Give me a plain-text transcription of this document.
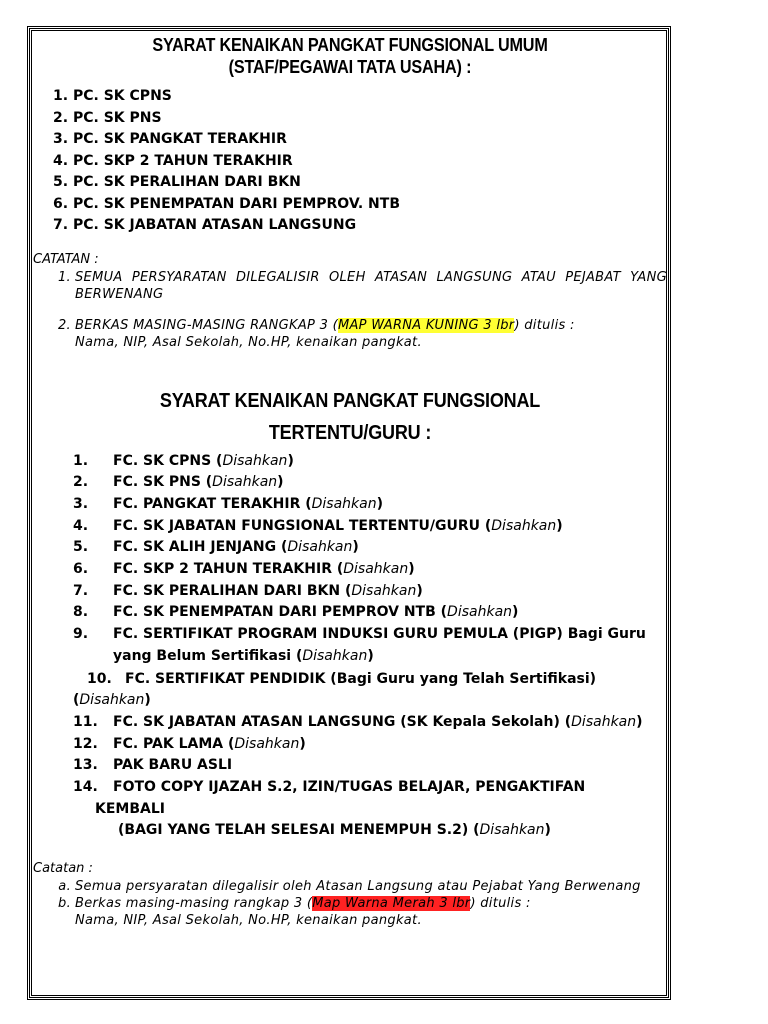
SYARAT KENAIKAN PANGKAT FUNGSIONAL UMUM
(STAF/PEGAWAI TATA USAHA) :
1. PC. SK CPNS
2. PC. SK PNS
3. PC. SK PANGKAT TERAKHIR
4. PC. SKP 2 TAHUN TERAKHIR
5. PC. SK PERALIHAN DARI BKN
6. PC. SK PENEMPATAN DARI PEMPROV. NTB
7. PC. SK JABATAN ATASAN LANGSUNG
CATATAN :
1. SEMUA PERSYARATAN DILEGALISIR OLEH ATASAN LANGSUNG ATAU PEJABAT YANG BERWENANG
2. BERKAS MASING-MASING RANGKAP 3 (MAP WARNA KUNING 3 lbr) ditulis :
Nama, NIP, Asal Sekolah, No.HP, kenaikan pangkat.
SYARAT KENAIKAN PANGKAT FUNGSIONAL
TERTENTU/GURU :
1.	FC. SK CPNS (Disahkan)
2.	FC. SK PNS (Disahkan)
3.	FC. PANGKAT TERAKHIR (Disahkan)
4.	FC. SK JABATAN FUNGSIONAL TERTENTU/GURU (Disahkan)
5.	FC. SK ALIH JENJANG (Disahkan)
6.	FC. SKP 2 TAHUN TERAKHIR (Disahkan)
7.	FC. SK PERALIHAN DARI BKN (Disahkan)
8.	FC. SK PENEMPATAN DARI PEMPROV NTB (Disahkan)
9.	FC. SERTIFIKAT PROGRAM INDUKSI GURU PEMULA (PIGP) Bagi Guru
yang Belum Sertifikasi (Disahkan)
10. FC. SERTIFIKAT PENDIDIK (Bagi Guru yang Telah Sertifikasi)
(Disahkan)
11.	FC. SK JABATAN ATASAN LANGSUNG (SK Kepala Sekolah) (Disahkan)
12.	FC. PAK LAMA (Disahkan)
13.	PAK BARU ASLI
14.	FOTO COPY IJAZAH S.2, IZIN/TUGAS BELAJAR, PENGAKTIFAN
KEMBALI
(BAGI YANG TELAH SELESAI MENEMPUH S.2) (Disahkan)
Catatan :
a. Semua persyaratan dilegalisir oleh Atasan Langsung atau Pejabat Yang Berwenang
b. Berkas masing-masing rangkap 3 (Map Warna Merah 3 lbr) ditulis :
Nama, NIP, Asal Sekolah, No.HP, kenaikan pangkat.
